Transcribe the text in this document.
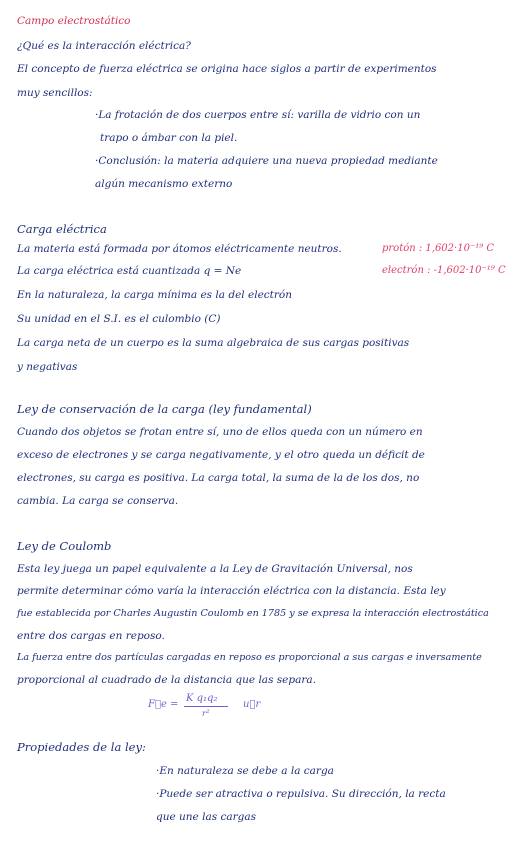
Campo electrostático
¿Qué es la interacción eléctrica?
El concepto de fuerza eléctrica se origina hace siglos a partir de experimentos
muy sencillos:
·La frotación de dos cuerpos entre sí: varilla de vidrio con un
trapo o ámbar con la piel.
·Conclusión: la materia adquiere una nueva propiedad mediante
algún mecanismo externo
Carga eléctrica
La materia está formada por átomos eléctricamente neutros.	protón : 1,602·10⁻¹⁹ C
La carga eléctrica está cuantizada q = Ne	electrón : -1,602·10⁻¹⁹ C
En la naturaleza, la carga mínima es la del electrón
Su unidad en el S.I. es el culombio (C)
La carga neta de un cuerpo es la suma algebraica de sus cargas positivas
y negativas
Ley de conservación de la carga (ley fundamental)
Cuando dos objetos se frotan entre sí, uno de ellos queda con un número en
exceso de electrones y se carga negativamente, y el otro queda un déficit de
electrones, su carga es positiva. La carga total, la suma de la de los dos, no
cambia. La carga se conserva.
Ley de Coulomb
Esta ley juega un papel equivalente a la Ley de Gravitación Universal, nos
permite determinar cómo varía la interacción eléctrica con la distancia. Esta ley
fue establecida por Charles Augustin Coulomb en 1785 y se expresa la interacción electrostática
entre dos cargas en reposo.
La fuerza entre dos partículas cargadas en reposo es proporcional a sus cargas e inversamente
proporcional al cuadrado de la distancia que las separa.
F⃗e =
K q₁q₂
r²
u⃗r
Propiedades de la ley:
·En naturaleza se debe a la carga
·Puede ser atractiva o repulsiva. Su dirección, la recta
que une las cargas
